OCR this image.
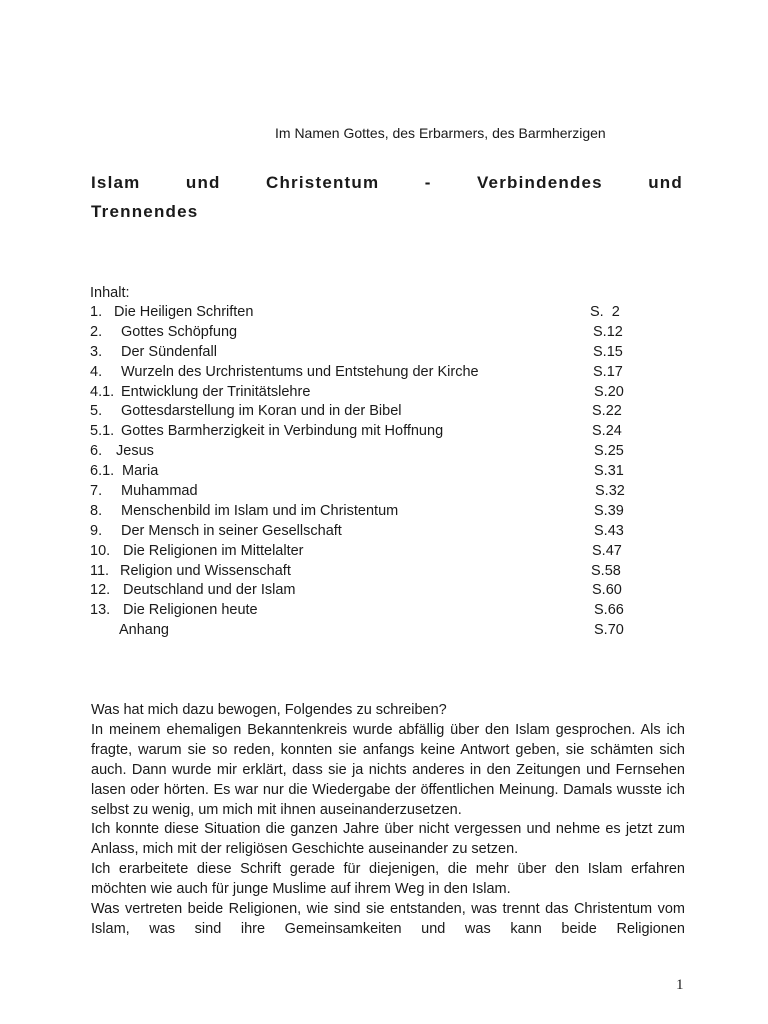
Im Namen Gottes, des Erbarmers, des Barmherzigen
Islam	und	Christentum	-	Verbindendes	und
Trennendes
Inhalt:
1. Die Heiligen Schriften	S.  2
2. Gottes Schöpfung	S.12
3. Der Sündenfall	S.15
4. Wurzeln des Urchristentums und Entstehung der Kirche	S.17
4.1. Entwicklung der Trinitätslehre	S.20
5. Gottesdarstellung im Koran und in der Bibel	S.22
5.1. Gottes Barmherzigkeit in Verbindung mit Hoffnung	S.24
6. Jesus	S.25
6.1. Maria	S.31
7. Muhammad	S.32
8. Menschenbild im Islam und im Christentum	S.39
9. Der Mensch in seiner Gesellschaft	S.43
10. Die Religionen im Mittelalter	S.47
11. Religion und Wissenschaft	S.58
12. Deutschland und der Islam	S.60
13. Die Religionen heute	S.66
Anhang	S.70

Was hat mich dazu bewogen, Folgendes zu schreiben?

In meinem ehemaligen Bekanntenkreis wurde abfällig über den Islam gesprochen. Als ich fragte, warum sie so reden, konnten sie anfangs keine Antwort geben, sie schämten sich auch. Dann wurde mir erklärt, dass sie ja nichts anderes in den Zeitungen und Fernsehen lasen oder hörten. Es war nur die Wiedergabe der öffentlichen Meinung. Damals wusste ich selbst zu wenig, um mich mit ihnen auseinanderzusetzen.

Ich konnte diese Situation die ganzen Jahre über nicht vergessen und nehme es jetzt zum Anlass, mich mit der religiösen Geschichte auseinander zu setzen.

Ich erarbeitete diese Schrift gerade für diejenigen, die mehr über den Islam erfahren möchten wie auch für junge Muslime auf ihrem Weg in den Islam.

Was vertreten beide Religionen, wie sind sie entstanden, was trennt das Christentum vom Islam, was sind ihre Gemeinsamkeiten und was kann beide Religionen

1
